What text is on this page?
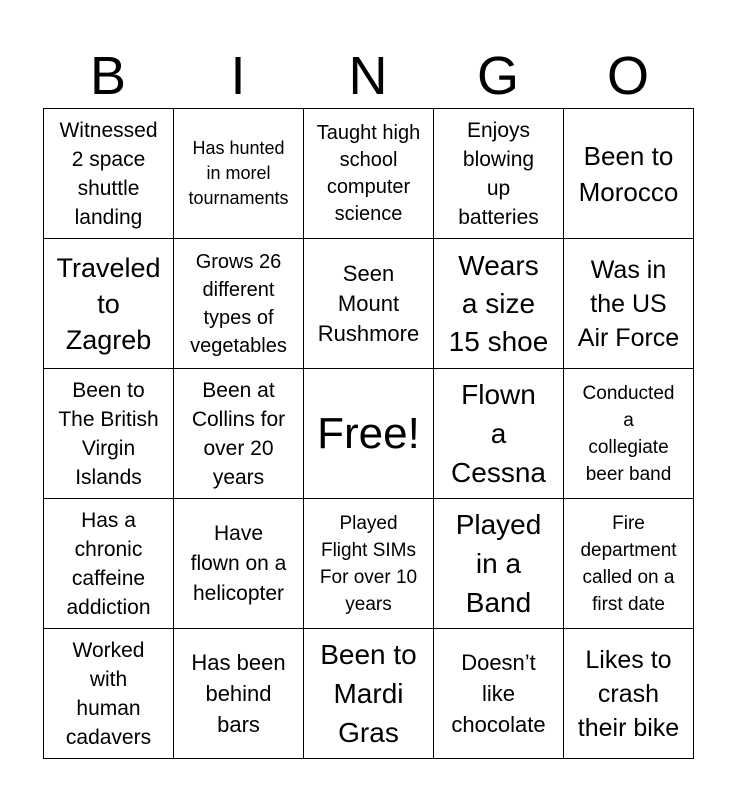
B	I	N	G	O
Witnessed
2 space
shuttle
landing	Has hunted
in morel
tournaments	Taught high
school
computer
science	Enjoys
blowing
up
batteries	Been to
Morocco

Traveled
to
Zagreb	Grows 26
different
types of
vegetables	Seen
Mount
Rushmore	Wears
a size
15 shoe	Was in
the US
Air Force

Been to
The British
Virgin
Islands	Been at
Collins for
over 20
years	Free!	Flown
a
Cessna	Conducted
a
collegiate
beer band

Has a
chronic
caffeine
addiction	Have
flown on a
helicopter	Played
Flight SIMs
For over 10
years	Played
in a
Band	Fire
department
called on a
first date

Worked
with
human
cadavers	Has been
behind
bars	Been to
Mardi
Gras	Doesn’t
like
chocolate	Likes to
crash
their bike
